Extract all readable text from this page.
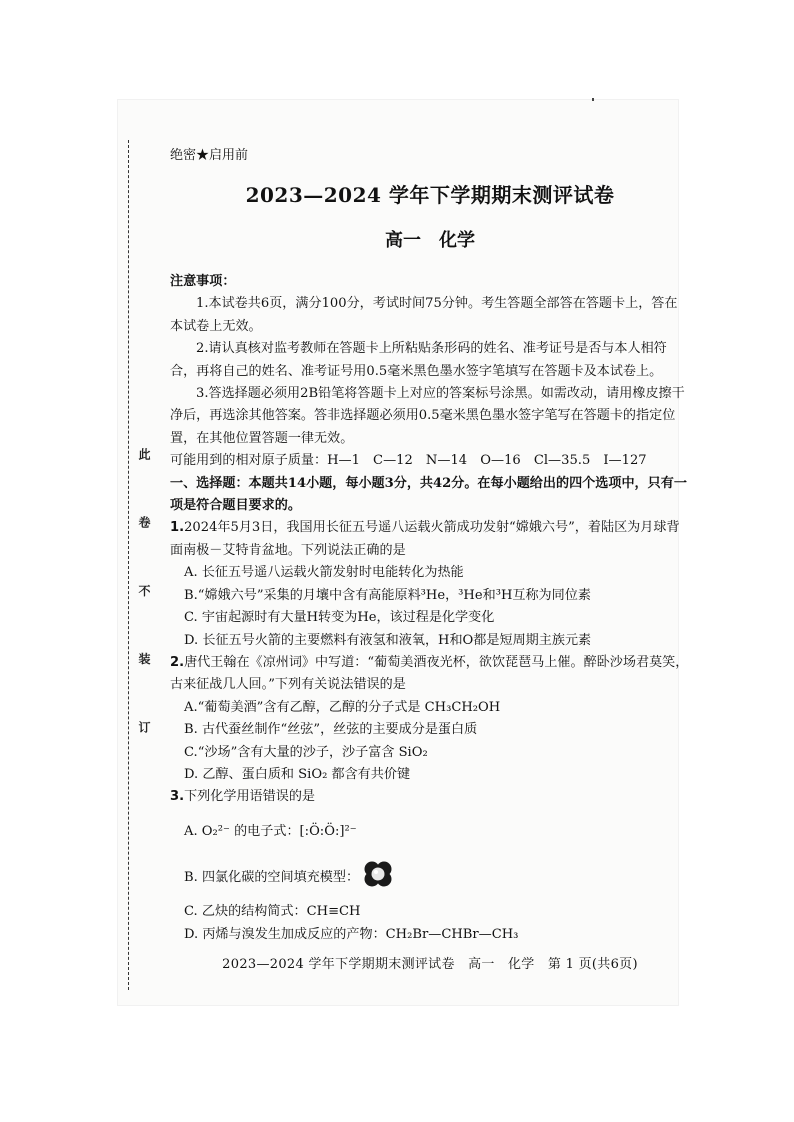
此 卷 不 装 订
绝密★启用前
2023—2024 学年下学期期末测评试卷
高一　化学

注意事项：

1.本试卷共6页，满分100分，考试时间75分钟。考生答题全部答在答题卡上，答在本试卷上无效。

2.请认真核对监考教师在答题卡上所粘贴条形码的姓名、准考证号是否与本人相符合，再将自己的姓名、准考证号用0.5毫米黑色墨水签字笔填写在答题卡及本试卷上。

3.答选择题必须用2B铅笔将答题卡上对应的答案标号涂黑。如需改动，请用橡皮擦干净后，再选涂其他答案。答非选择题必须用0.5毫米黑色墨水签字笔写在答题卡的指定位置，在其他位置答题一律无效。

可能用到的相对原子质量：H—1　C—12　N—14　O—16　Cl—35.5　I—127

一、选择题：本题共14小题，每小题3分，共42分。在每小题给出的四个选项中，只有一项是符合题目要求的。

1.2024年5月3日，我国用长征五号遥八运载火箭成功发射“嫦娥六号”，着陆区为月球背面南极－艾特肯盆地。下列说法正确的是

A. 长征五号遥八运载火箭发射时电能转化为热能

B.“嫦娥六号”采集的月壤中含有高能原料³He，³He和³H互称为同位素

C. 宇宙起源时有大量H转变为He，该过程是化学变化

D. 长征五号火箭的主要燃料有液氢和液氧，H和O都是短周期主族元素

2.唐代王翰在《凉州词》中写道：“葡萄美酒夜光杯，欲饮琵琶马上催。醉卧沙场君莫笑，古来征战几人回。”下列有关说法错误的是

A.“葡萄美酒”含有乙醇，乙醇的分子式是 CH₃CH₂OH

B. 古代蚕丝制作“丝弦”，丝弦的主要成分是蛋白质

C.“沙场”含有大量的沙子，沙子富含 SiO₂

D. 乙醇、蛋白质和 SiO₂ 都含有共价键

3.下列化学用语错误的是

A. O₂²⁻ 的电子式：[:Ö:Ö:]²⁻

B. 四氯化碳的空间填充模型：

C. 乙炔的结构简式：CH≡CH

D. 丙烯与溴发生加成反应的产物：CH₂Br—CHBr—CH₃

2023—2024 学年下学期期末测评试卷　高一　化学　第 1 页(共6页)
